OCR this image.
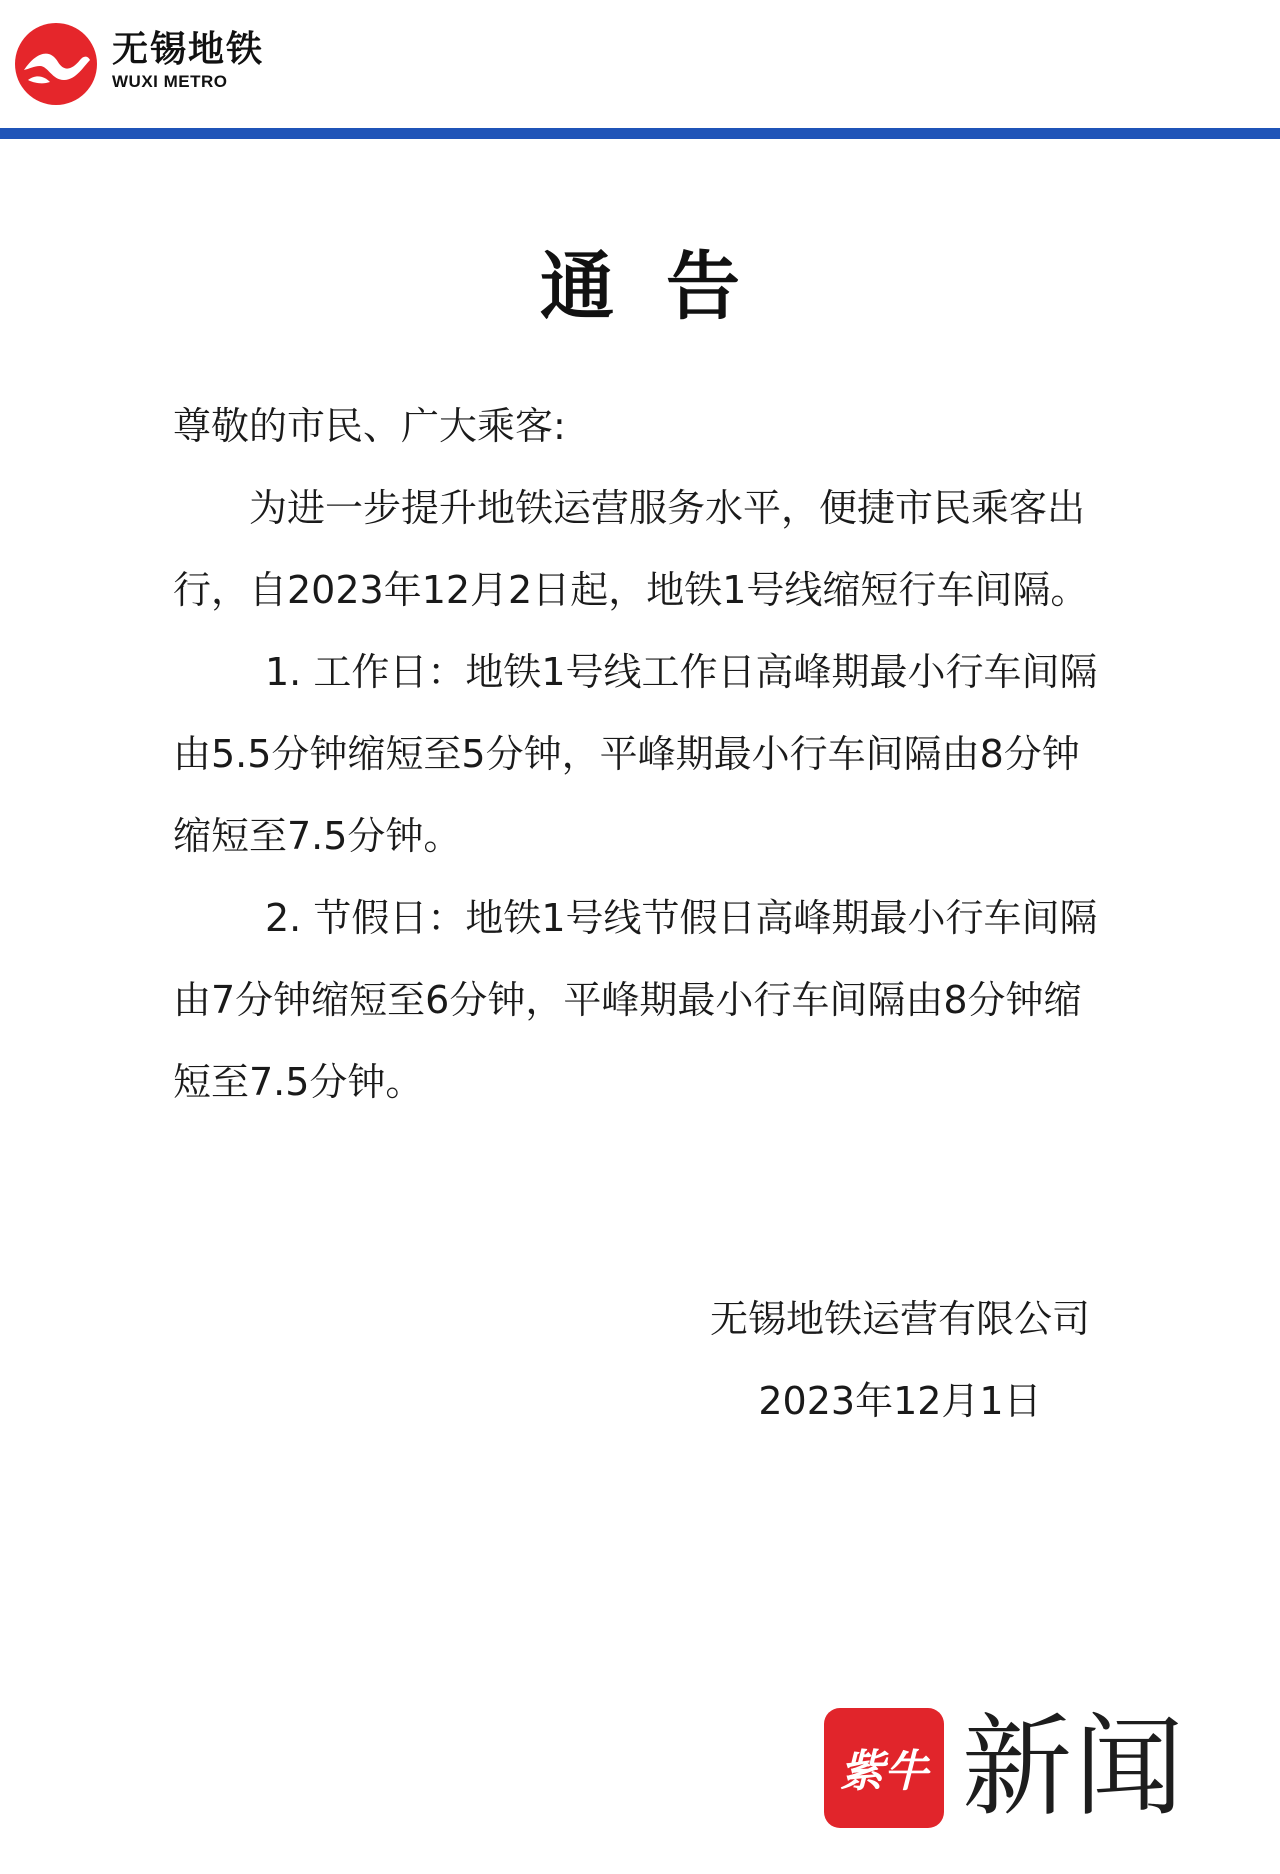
无锡地铁
WUXI METRO
通告

尊敬的市民、广大乘客:

为进一步提升地铁运营服务水平，便捷市民乘客出行，自2023年12月2日起，地铁1号线缩短行车间隔。

1. 工作日：地铁1号线工作日高峰期最小行车间隔由5.5分钟缩短至5分钟，平峰期最小行车间隔由8分钟缩短至7.5分钟。

2. 节假日：地铁1号线节假日高峰期最小行车间隔由7分钟缩短至6分钟，平峰期最小行车间隔由8分钟缩短至7.5分钟。

无锡地铁运营有限公司
2023年12月1日
紫牛 新闻
